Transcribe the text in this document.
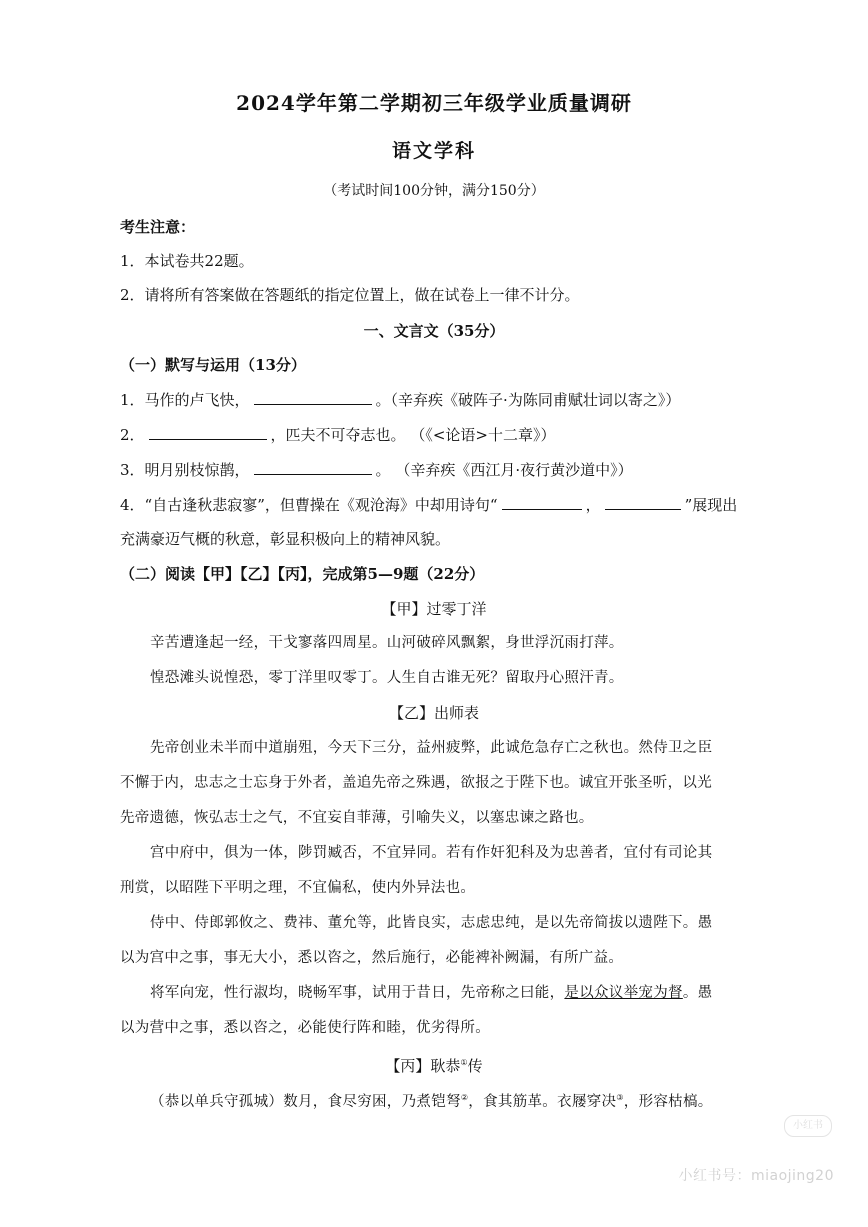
2024学年第二学期初三年级学业质量调研
语文学科
（考试时间100分钟，满分150分）
考生注意：
1．本试卷共22题。
2．请将所有答案做在答题纸的指定位置上，做在试卷上一律不计分。
一、文言文（35分）
（一）默写与运用（13分）
1．马作的卢飞快，	。（辛弃疾《破阵子·为陈同甫赋壮词以寄之》）
2．	，匹夫不可夺志也。 （《<论语>十二章》）
3．明月别枝惊鹊，	。 （辛弃疾《西江月·夜行黄沙道中》）
4．“自古逢秋悲寂寥”，但曹操在《观沧海》中却用诗句“	，	”展现出
充满豪迈气概的秋意，彰显积极向上的精神风貌。
（二）阅读【甲】【乙】【丙】，完成第5—9题（22分）
【甲】过零丁洋
辛苦遭逢起一经，干戈寥落四周星。山河破碎风飘絮，身世浮沉雨打萍。
惶恐滩头说惶恐，零丁洋里叹零丁。人生自古谁无死？留取丹心照汗青。
【乙】出师表
先帝创业未半而中道崩殂，今天下三分，益州疲弊，此诚危急存亡之秋也。然侍卫之臣
不懈于内，忠志之士忘身于外者，盖追先帝之殊遇，欲报之于陛下也。诚宜开张圣听，以光
先帝遗德，恢弘志士之气，不宜妄自菲薄，引喻失义，以塞忠谏之路也。
宫中府中，俱为一体，陟罚臧否，不宜异同。若有作奸犯科及为忠善者，宜付有司论其
刑赏，以昭陛下平明之理，不宜偏私，使内外异法也。
侍中、侍郎郭攸之、费祎、董允等，此皆良实，志虑忠纯，是以先帝简拔以遗陛下。愚
以为宫中之事，事无大小，悉以咨之，然后施行，必能裨补阙漏，有所广益。
将军向宠，性行淑均，晓畅军事，试用于昔日，先帝称之曰能，是以众议举宠为督。愚
以为营中之事，悉以咨之，必能使行阵和睦，优劣得所。
【丙】耿恭①传
（恭以单兵守孤城）数月，食尽穷困，乃煮铠弩②，食其筋革。衣屦穿决③，形容枯槁。
小红书
小红书号：miaojing20
